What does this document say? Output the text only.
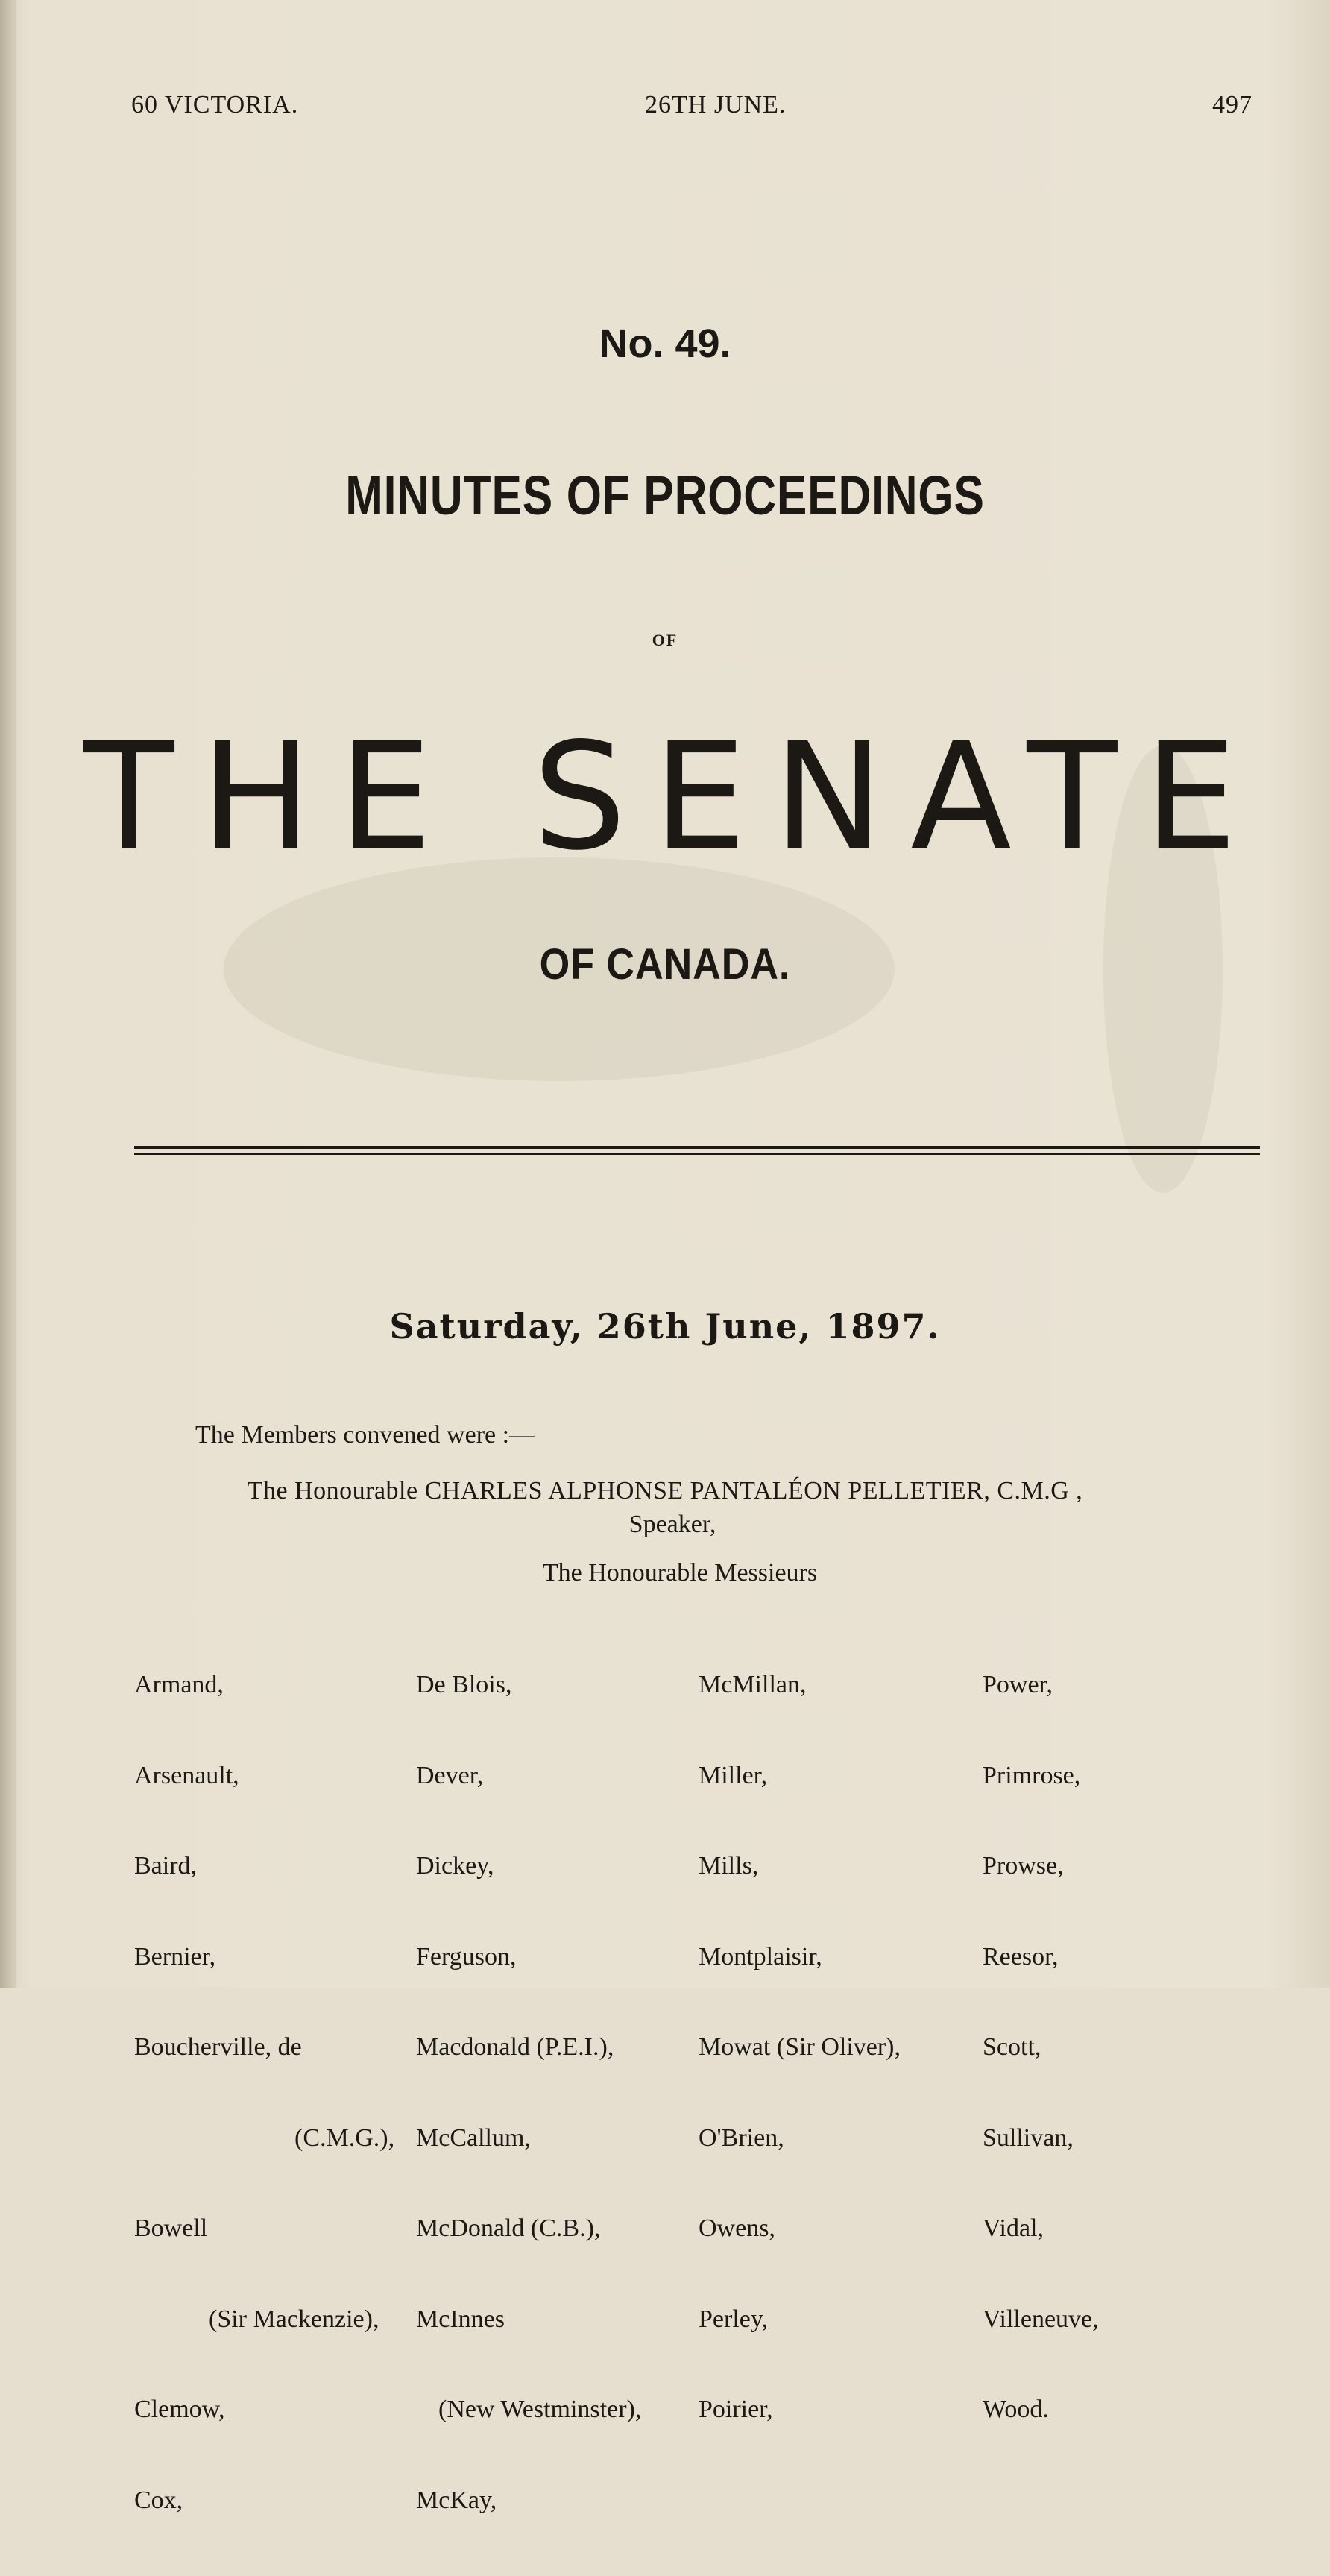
60 VICTORIA.	26TH JUNE.	497
No. 49.
MINUTES OF PROCEEDINGS
OF
THE SENATE
OF CANADA.
Saturday, 26th June, 1897.
The Members convened were :—
The Honourable CHARLES ALPHONSE PANTALÉON PELLETIER, C.M.G ,
Speaker,
The Honourable Messieurs

Armand,

Arsenault,

Baird,

Bernier,

Boucherville, de

(C.M.G.),

Bowell

(Sir Mackenzie),

Clemow,

Cox,

De Blois,

Dever,

Dickey,

Ferguson,

Macdonald (P.E.I.),

McCallum,

McDonald (C.B.),

McInnes

(New Westminster),

McKay,

McMillan,

Miller,

Mills,

Montplaisir,

Mowat (Sir Oliver),

O'Brien,

Owens,

Perley,

Poirier,

Power,

Primrose,

Prowse,

Reesor,

Scott,

Sullivan,

Vidal,

Villeneuve,

Wood.
